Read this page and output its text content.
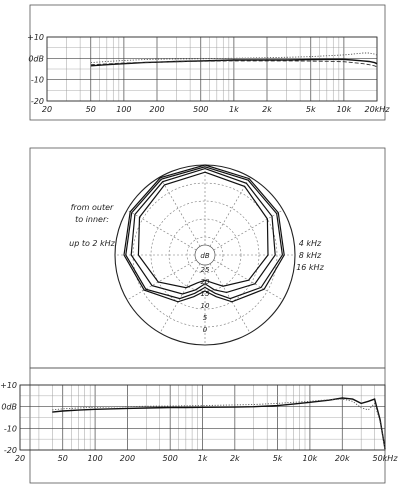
+10
0dB
-10
-20
20	50	100 200	500	1k	2k	5k	10k 20kHz
dB
25
20
15
10
5
0
from outer
to inner:
up to 2 kHz	4 kHz
8 kHz
16 kHz
+10
0dB
-10
-20
20	50 100 200	500 1k	2k	5k	10k 20k	50kHz
